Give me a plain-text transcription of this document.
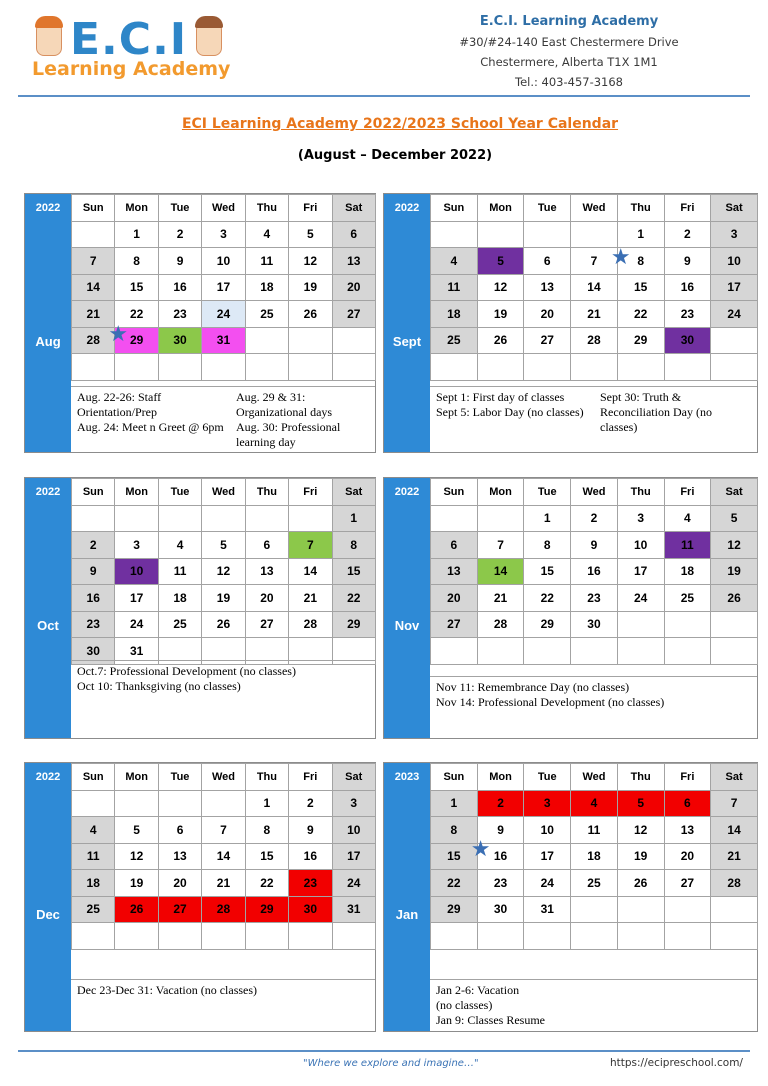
E.C.I
Learning Academy
E.C.I. Learning Academy
#30/#24-140 East Chestermere Drive
Chestermere, Alberta T1X 1M1
Tel.: 403-457-3168
ECI Learning Academy 2022/2023 School Year Calendar
(August – December 2022)
2022
Aug
Sun	Mon	Tue	Wed	Thu	Fri	Sat
	1	2	3	4	5	6
7	8	9	10	11	12	13
14	15	16	17	18	19	20
21	22	23	24	25	26	27
28	29	30	31			

★
Aug. 22-26: Staff Orientation/Prep
Aug. 24: Meet n Greet @ 6pm
Aug. 29 & 31: Organizational days
Aug. 30: Professional learning day
2022
Sept
Sun	Mon	Tue	Wed	Thu	Fri	Sat
				1	2	3
4	5	6	7	8	9	10
11	12	13	14	15	16	17
18	19	20	21	22	23	24
25	26	27	28	29	30	

★
Sept 1: First day of classes
Sept 5: Labor Day (no classes)
Sept 30: Truth & Reconciliation Day (no classes)
2022
Oct
Sun	Mon	Tue	Wed	Thu	Fri	Sat
						1
2	3	4	5	6	7	8
9	10	11	12	13	14	15
16	17	18	19	20	21	22
23	24	25	26	27	28	29
30	31					
Oct.7: Professional Development (no classes)
Oct 10: Thanksgiving (no classes)
2022
Nov
Sun	Mon	Tue	Wed	Thu	Fri	Sat
		1	2	3	4	5
6	7	8	9	10	11	12
13	14	15	16	17	18	19
20	21	22	23	24	25	26
27	28	29	30			

Nov 11: Remembrance Day (no classes)
Nov 14: Professional Development (no classes)
2022
Dec
Sun	Mon	Tue	Wed	Thu	Fri	Sat
				1	2	3
4	5	6	7	8	9	10
11	12	13	14	15	16	17
18	19	20	21	22	23	24
25	26	27	28	29	30	31

Dec 23-Dec 31: Vacation (no classes)
2023
Jan
Sun	Mon	Tue	Wed	Thu	Fri	Sat
1	2	3	4	5	6	7
8	9	10	11	12	13	14
15	16	17	18	19	20	21
22	23	24	25	26	27	28
29	30	31				

★
Jan 2-6: Vacation
(no classes)
Jan 9: Classes Resume
"Where we explore and imagine…"	https://ecipreschool.com/
